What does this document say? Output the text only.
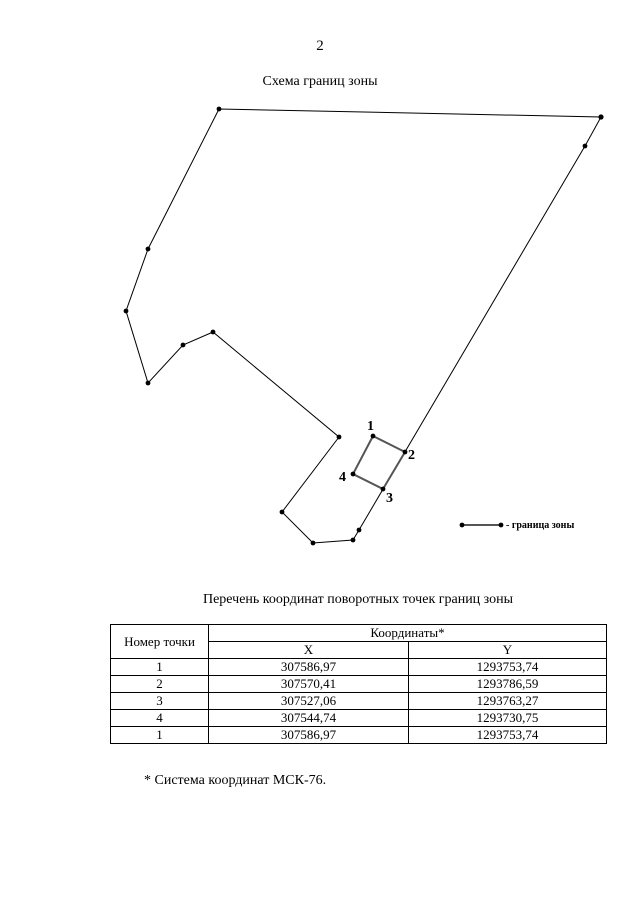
2
Схема границ зоны
1
2
3
4
- граница зоны
Перечень координат поворотных точек границ зоны
Номер точки	Координаты*	
	X	Y
1	307586,97	1293753,74
2	307570,41	1293786,59
3	307527,06	1293763,27
4	307544,74	1293730,75
1	307586,97	1293753,74
* Система координат МСК-76.
